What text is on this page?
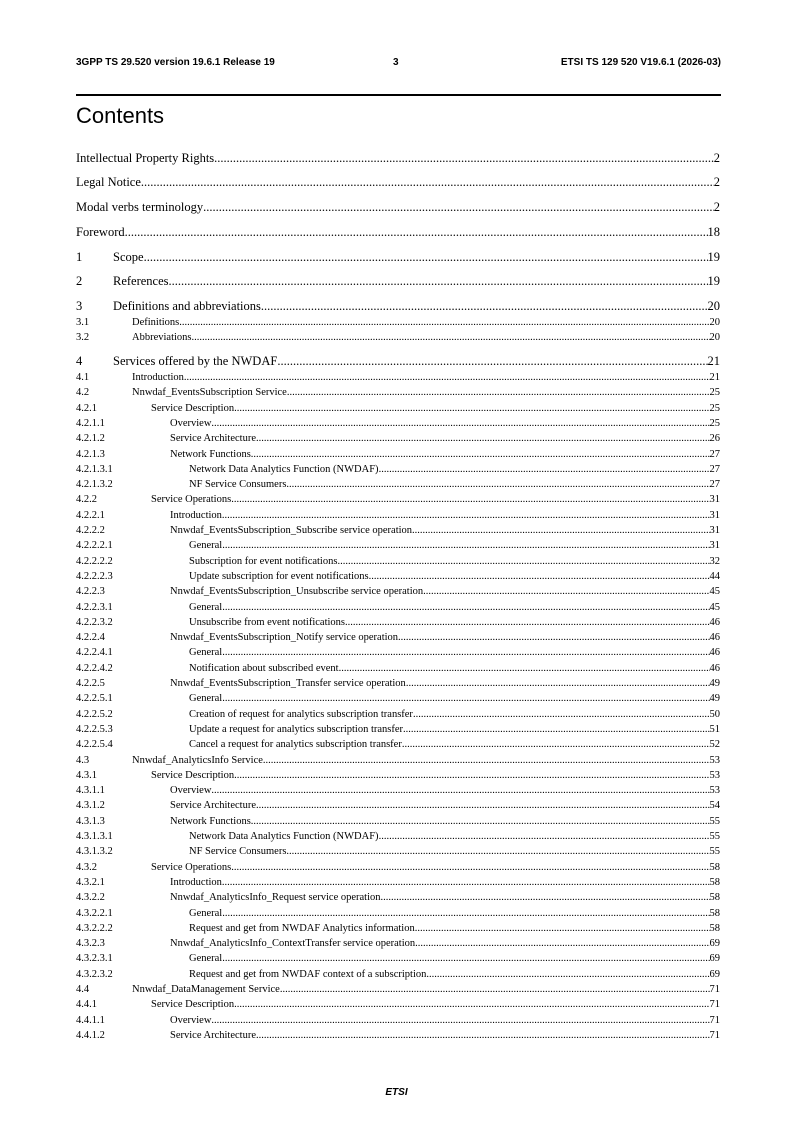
3GPP TS 29.520 version 19.6.1 Release 19	3	ETSI TS 129 520 V19.6.1 (2026-03)
Contents
Intellectual Property Rights .....	2
Legal Notice .....	2
Modal verbs terminology .....	2
Foreword .....	18
1	Scope .....	19
2	References .....	19
3	Definitions and abbreviations .....	20
3.1	Definitions .....	20
3.2	Abbreviations .....	20
4	Services offered by the NWDAF .....	21
4.1	Introduction .....	21
4.2	Nnwdaf_EventsSubscription Service .....	25
4.2.1	Service Description .....	25
4.2.1.1	Overview .....	25
4.2.1.2	Service Architecture .....	26
4.2.1.3	Network Functions .....	27
4.2.1.3.1	Network Data Analytics Function (NWDAF) .....	27
4.2.1.3.2	NF Service Consumers .....	27
4.2.2	Service Operations .....	31
4.2.2.1	Introduction .....	31
4.2.2.2	Nnwdaf_EventsSubscription_Subscribe service operation .....	31
4.2.2.2.1	General .....	31
4.2.2.2.2	Subscription for event notifications .....	32
4.2.2.2.3	Update subscription for event notifications .....	44
4.2.2.3	Nnwdaf_EventsSubscription_Unsubscribe service operation .....	45
4.2.2.3.1	General .....	45
4.2.2.3.2	Unsubscribe from event notifications .....	46
4.2.2.4	Nnwdaf_EventsSubscription_Notify service operation .....	46
4.2.2.4.1	General .....	46
4.2.2.4.2	Notification about subscribed event .....	46
4.2.2.5	Nnwdaf_EventsSubscription_Transfer service operation .....	49
4.2.2.5.1	General .....	49
4.2.2.5.2	Creation of request for analytics subscription transfer .....	50
4.2.2.5.3	Update a request for analytics subscription transfer .....	51
4.2.2.5.4	Cancel a request for analytics subscription transfer .....	52
4.3	Nnwdaf_AnalyticsInfo Service .....	53
4.3.1	Service Description .....	53
4.3.1.1	Overview .....	53
4.3.1.2	Service Architecture .....	54
4.3.1.3	Network Functions .....	55
4.3.1.3.1	Network Data Analytics Function (NWDAF) .....	55
4.3.1.3.2	NF Service Consumers .....	55
4.3.2	Service Operations .....	58
4.3.2.1	Introduction .....	58
4.3.2.2	Nnwdaf_AnalyticsInfo_Request service operation .....	58
4.3.2.2.1	General .....	58
4.3.2.2.2	Request and get from NWDAF Analytics information .....	58
4.3.2.3	Nnwdaf_AnalyticsInfo_ContextTransfer service operation .....	69
4.3.2.3.1	General .....	69
4.3.2.3.2	Request and get from NWDAF context of a subscription .....	69
4.4	Nnwdaf_DataManagement Service .....	71
4.4.1	Service Description .....	71
4.4.1.1	Overview .....	71
4.4.1.2	Service Architecture .....	71
ETSI
